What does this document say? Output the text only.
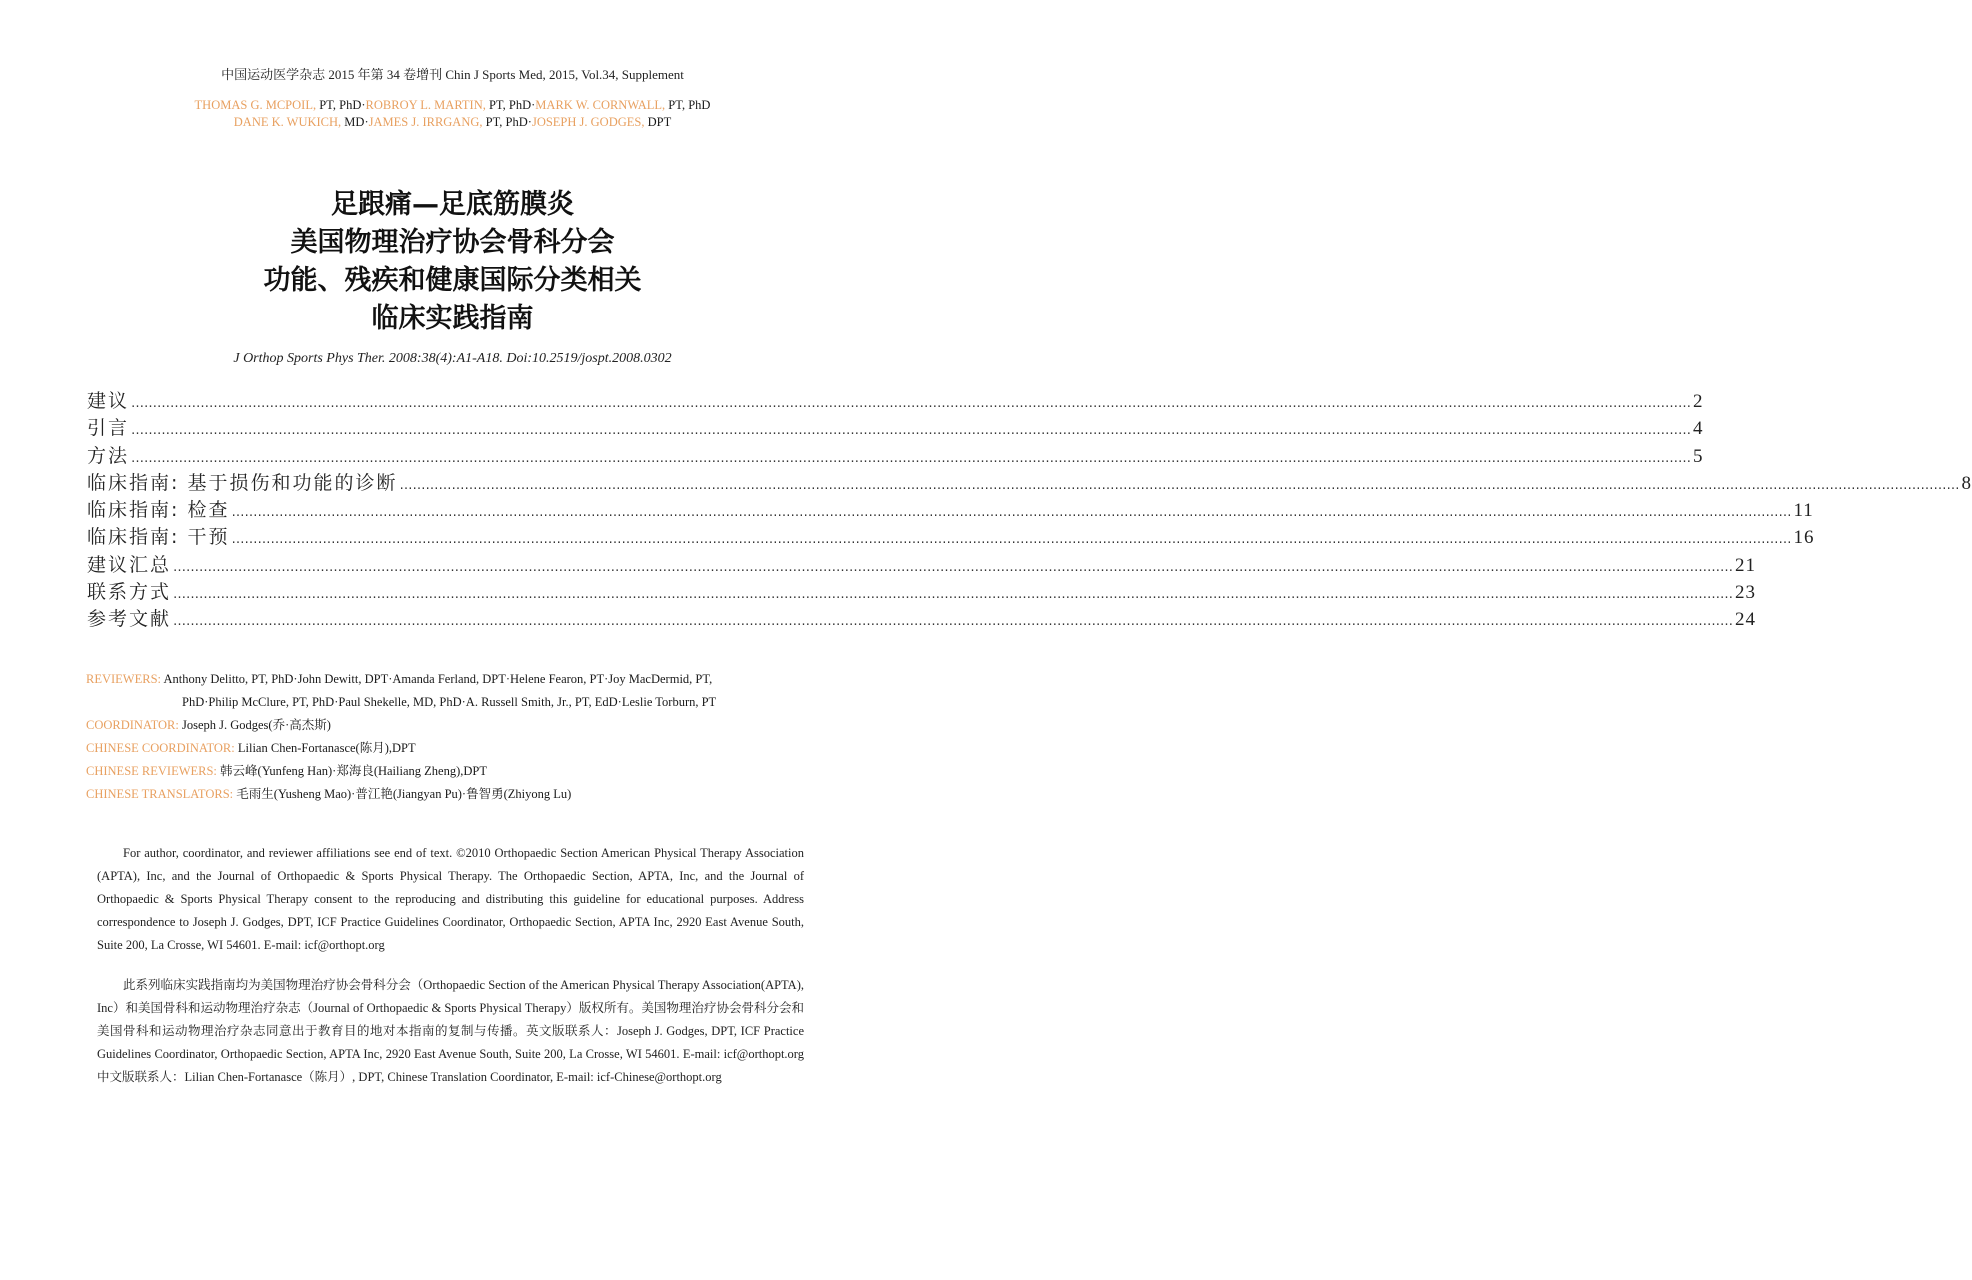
中国运动医学杂志 2015 年第 34 卷增刊 Chin J Sports Med, 2015, Vol.34, Supplement
THOMAS G. MCPOIL, PT, PhD·ROBROY L. MARTIN, PT, PhD·MARK W. CORNWALL, PT, PhD
DANE K. WUKICH, MD·JAMES J. IRRGANG, PT, PhD·JOSEPH J. GODGES, DPT
足跟痛—足底筋膜炎
美国物理治疗协会骨科分会
功能、残疾和健康国际分类相关
临床实践指南
J Orthop Sports Phys Ther. 2008:38(4):A1-A18. Doi:10.2519/jospt.2008.0302
建议 ……………………………………………………………………………………………………………………………………………………………………………………………………………………………………………………………………………………………………………………………… 2
引言 ……………………………………………………………………………………………………………………………………………………………………………………………………………………………………………………………………………………………………………………………… 4
方法 ……………………………………………………………………………………………………………………………………………………………………………………………………………………………………………………………………………………………………………………………… 5
临床指南: 基于损伤和功能的诊断 ……………………………………………………………………………………………………………………………………………………………………………………………………………………………………………………………………………………………………………………………… 8
临床指南: 检查 ……………………………………………………………………………………………………………………………………………………………………………………………………………………………………………………………………………………………………………………………… 11
临床指南: 干预 ……………………………………………………………………………………………………………………………………………………………………………………………………………………………………………………………………………………………………………………………… 16
建议汇总 ……………………………………………………………………………………………………………………………………………………………………………………………………………………………………………………………………………………………………………………………… 21
联系方式 ……………………………………………………………………………………………………………………………………………………………………………………………………………………………………………………………………………………………………………………………… 23
参考文献 ……………………………………………………………………………………………………………………………………………………………………………………………………………………………………………………………………………………………………………………………… 24
REVIEWERS: Anthony Delitto, PT, PhD·John Dewitt, DPT·Amanda Ferland, DPT·Helene Fearon, PT·Joy MacDermid, PT,
PhD·Philip McClure, PT, PhD·Paul Shekelle, MD, PhD·A. Russell Smith, Jr., PT, EdD·Leslie Torburn, PT
COORDINATOR: Joseph J. Godges(乔·高杰斯)
CHINESE COORDINATOR: Lilian Chen-Fortanasce(陈月),DPT
CHINESE REVIEWERS: 韩云峰(Yunfeng Han)·郑海良(Hailiang Zheng),DPT
CHINESE TRANSLATORS: 毛雨生(Yusheng Mao)·普江艳(Jiangyan Pu)·鲁智勇(Zhiyong Lu)
For author, coordinator, and reviewer affiliations see end of text. ©2010 Orthopaedic Section American Physical Therapy Association (APTA), Inc, and the Journal of Orthopaedic & Sports Physical Therapy. The Orthopaedic Section, APTA, Inc, and the Journal of Orthopaedic & Sports Physical Therapy consent to the reproducing and distributing this guideline for educational purposes. Address correspondence to Joseph J. Godges, DPT, ICF Practice Guidelines Coordinator, Orthopaedic Section, APTA Inc, 2920 East Avenue South, Suite 200, La Crosse, WI 54601. E-mail: icf@orthopt.org
此系列临床实践指南均为美国物理治疗协会骨科分会（Orthopaedic Section of the American Physical Therapy Association(APTA), Inc）和美国骨科和运动物理治疗杂志（Journal of Orthopaedic & Sports Physical Therapy）版权所有。美国物理治疗协会骨科分会和美国骨科和运动物理治疗杂志同意出于教育目的地对本指南的复制与传播。英文版联系人：Joseph J. Godges, DPT, ICF Practice Guidelines Coordinator, Orthopaedic Section, APTA Inc, 2920 East Avenue South, Suite 200, La Crosse, WI 54601. E-mail: icf@orthopt.org 中文版联系人：Lilian Chen-Fortanasce（陈月）, DPT, Chinese Translation Coordinator, E-mail: icf-Chinese@orthopt.org
